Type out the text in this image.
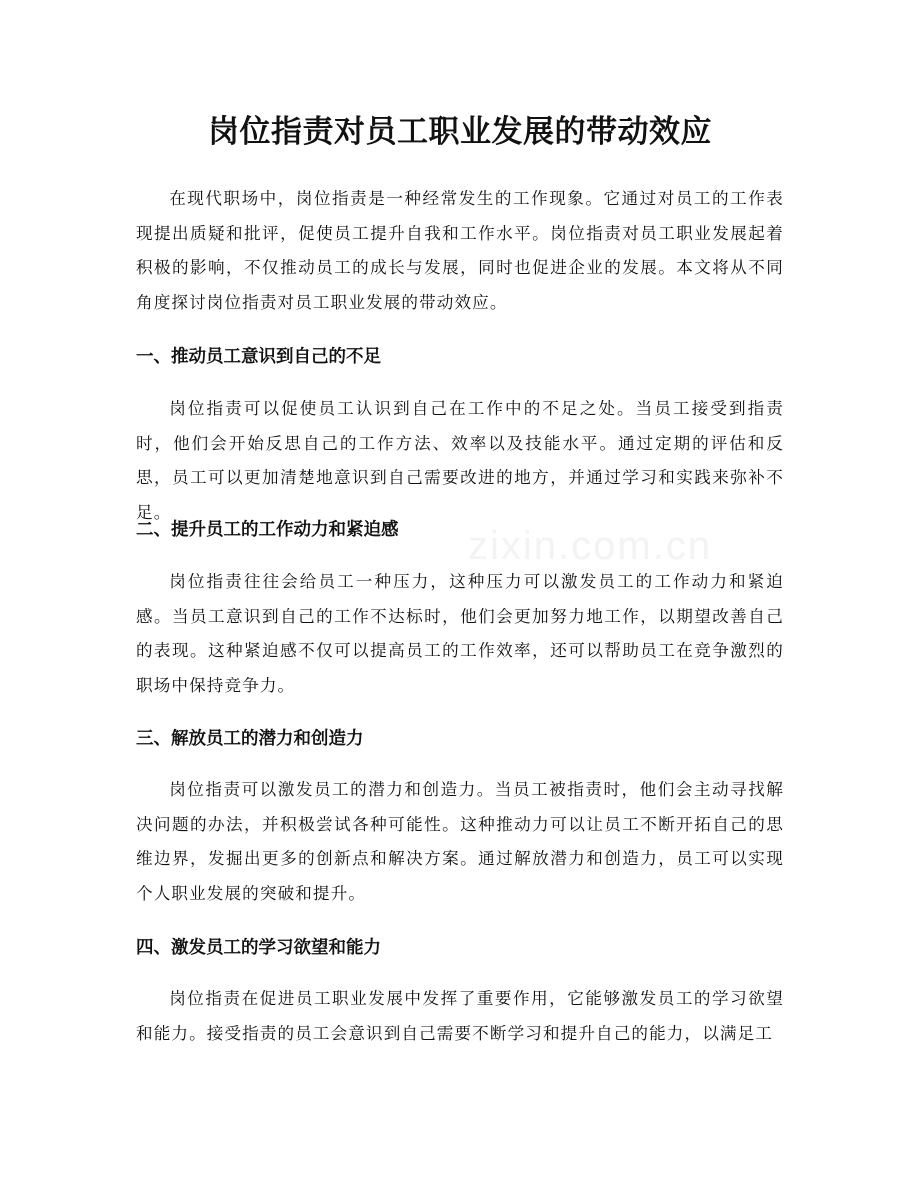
岗位指责对员工职业发展的带动效应

在现代职场中，岗位指责是一种经常发生的工作现象。它通过对员工的工作表现提出质疑和批评，促使员工提升自我和工作水平。岗位指责对员工职业发展起着积极的影响，不仅推动员工的成长与发展，同时也促进企业的发展。本文将从不同角度探讨岗位指责对员工职业发展的带动效应。

一、推动员工意识到自己的不足

岗位指责可以促使员工认识到自己在工作中的不足之处。当员工接受到指责时，他们会开始反思自己的工作方法、效率以及技能水平。通过定期的评估和反思，员工可以更加清楚地意识到自己需要改进的地方，并通过学习和实践来弥补不足。

二、提升员工的工作动力和紧迫感

岗位指责往往会给员工一种压力，这种压力可以激发员工的工作动力和紧迫感。当员工意识到自己的工作不达标时，他们会更加努力地工作，以期望改善自己的表现。这种紧迫感不仅可以提高员工的工作效率，还可以帮助员工在竞争激烈的职场中保持竞争力。

三、解放员工的潜力和创造力

岗位指责可以激发员工的潜力和创造力。当员工被指责时，他们会主动寻找解决问题的办法，并积极尝试各种可能性。这种推动力可以让员工不断开拓自己的思维边界，发掘出更多的创新点和解决方案。通过解放潜力和创造力，员工可以实现个人职业发展的突破和提升。

四、激发员工的学习欲望和能力

岗位指责在促进员工职业发展中发挥了重要作用，它能够激发员工的学习欲望和能力。接受指责的员工会意识到自己需要不断学习和提升自己的能力，以满足工

zixin.com.cn
